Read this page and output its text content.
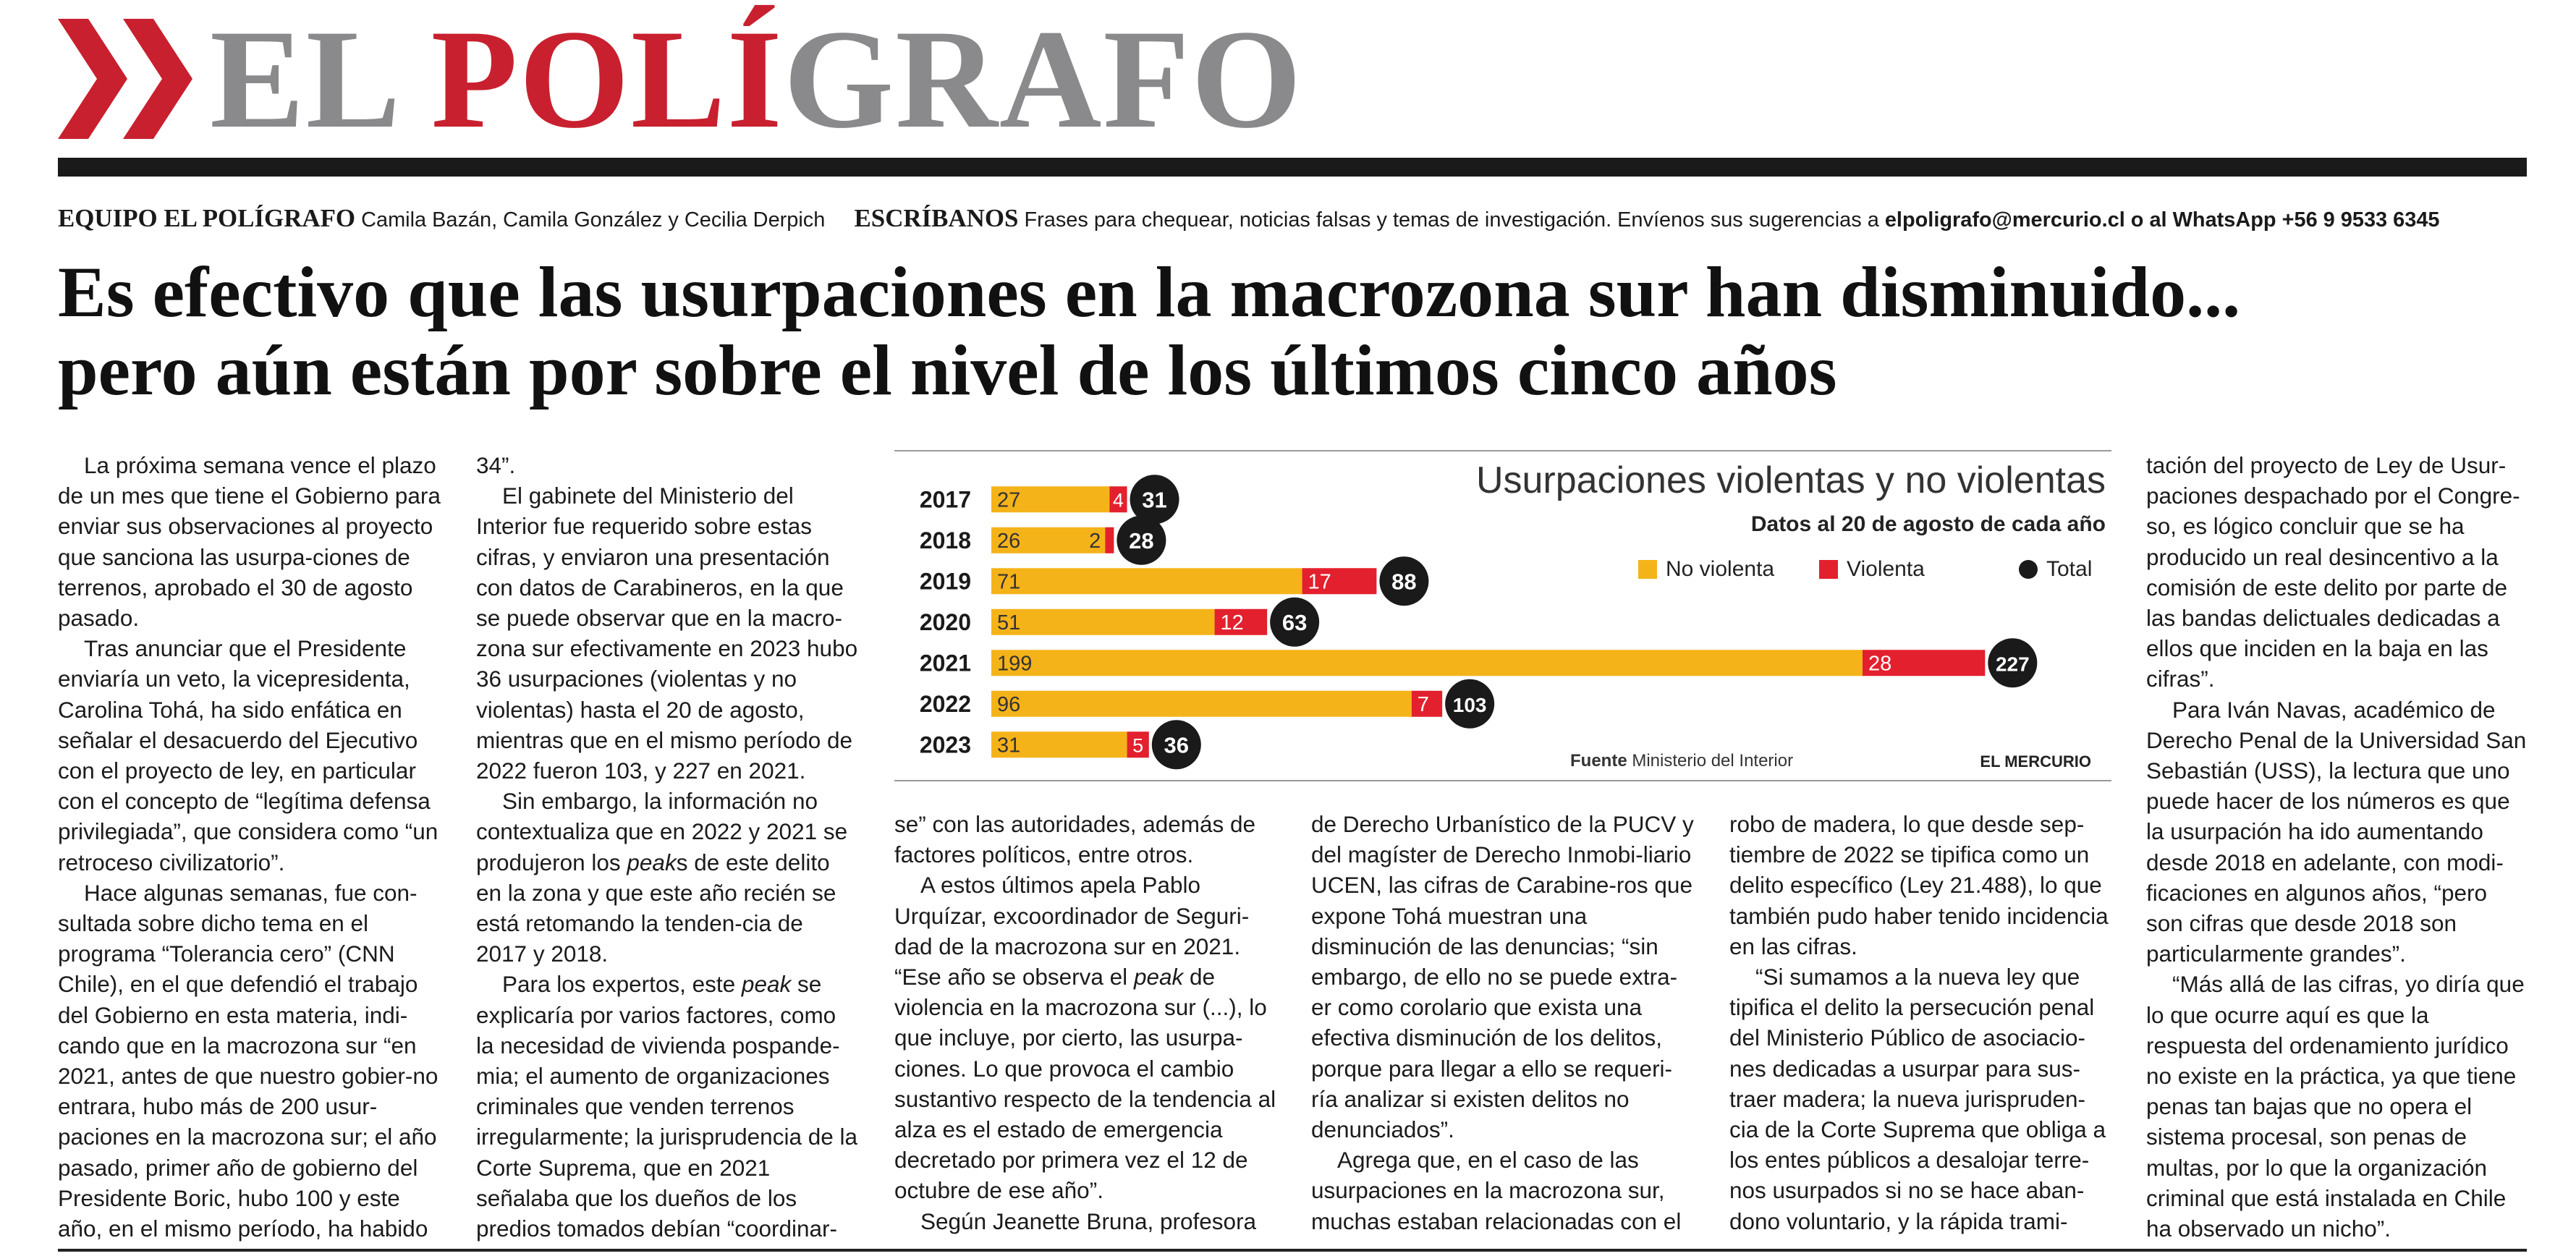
EL POLÍGRAFO
EQUIPO EL POLÍGRAFO Camila Bazán, Camila González y Cecilia Derpich ESCRÍBANOS Frases para chequear, noticias falsas y temas de investigación. Envíenos sus sugerencias a elpoligrafo@mercurio.cl o al WhatsApp +56 9 9533 6345
Es efectivo que las usurpaciones en la macrozona sur han disminuido...
pero aún están por sobre el nivel de los últimos cinco años

La próxima semana vence el plazo de un mes que tiene el Gobierno para enviar sus observaciones al proyecto que sanciona las usurpa-ciones de terrenos, aprobado el 30 de agosto pasado.

Tras anunciar que el Presidente enviaría un veto, la vicepresidenta, Carolina Tohá, ha sido enfática en señalar el desacuerdo del Ejecutivo con el proyecto de ley, en particular con el concepto de “legítima defensa privilegiada”, que considera como “un retroceso civilizatorio”.

Hace algunas semanas, fue con-sultada sobre dicho tema en el programa “Tolerancia cero” (CNN Chile), en el que defendió el trabajo del Gobierno en esta materia, indi-cando que en la macrozona sur “en 2021, antes de que nuestro gobier-no entrara, hubo más de 200 usur-paciones en la macrozona sur; el año pasado, primer año de gobierno del Presidente Boric, hubo 100 y este año, en el mismo período, ha habido

34”.

El gabinete del Ministerio del Interior fue requerido sobre estas cifras, y enviaron una presentación con datos de Carabineros, en la que se puede observar que en la macro-zona sur efectivamente en 2023 hubo 36 usurpaciones (violentas y no violentas) hasta el 20 de agosto, mientras que en el mismo período de 2022 fueron 103, y 227 en 2021.

Sin embargo, la información no contextualiza que en 2022 y 2021 se produjeron los peaks de este delito en la zona y que este año recién se está retomando la tenden-cia de 2017 y 2018.

Para los expertos, este peak se explicaría por varios factores, como la necesidad de vivienda pospande-mia; el aumento de organizaciones criminales que venden terrenos irregularmente; la jurisprudencia de la Corte Suprema, que en 2021 señalaba que los dueños de los predios tomados debían “coordinar-

2017 27	4 31
2018 26	2 28
2019 71	17	88
2020 51	12 63
2021 199	28	227
2022 96	7 103
2023 31	5 36
Usurpaciones violentas y no violentas
Datos al 20 de agosto de cada año
No violenta	Violenta	Total
Fuente Ministerio del Interior	EL MERCURIO

se” con las autoridades, además de factores políticos, entre otros.

A estos últimos apela Pablo Urquízar, excoordinador de Seguri-dad de la macrozona sur en 2021. “Ese año se observa el peak de violencia en la macrozona sur (...), lo que incluye, por cierto, las usurpa-ciones. Lo que provoca el cambio sustantivo respecto de la tendencia al alza es el estado de emergencia decretado por primera vez el 12 de octubre de ese año”.

Según Jeanette Bruna, profesora

de Derecho Urbanístico de la PUCV y del magíster de Derecho Inmobi-liario UCEN, las cifras de Carabine-ros que expone Tohá muestran una disminución de las denuncias; “sin embargo, de ello no se puede extra-er como corolario que exista una efectiva disminución de los delitos, porque para llegar a ello se requeri-ría analizar si existen delitos no denunciados”.

Agrega que, en el caso de las usurpaciones en la macrozona sur, muchas estaban relacionadas con el

robo de madera, lo que desde sep-tiembre de 2022 se tipifica como un delito específico (Ley 21.488), lo que también pudo haber tenido incidencia en las cifras.

“Si sumamos a la nueva ley que tipifica el delito la persecución penal del Ministerio Público de asociacio-nes dedicadas a usurpar para sus-traer madera; la nueva jurispruden-cia de la Corte Suprema que obliga a los entes públicos a desalojar terre-nos usurpados si no se hace aban-dono voluntario, y la rápida trami-

tación del proyecto de Ley de Usur-paciones despachado por el Congre-so, es lógico concluir que se ha producido un real desincentivo a la comisión de este delito por parte de las bandas delictuales dedicadas a ellos que inciden en la baja en las cifras”.

Para Iván Navas, académico de Derecho Penal de la Universidad San Sebastián (USS), la lectura que uno puede hacer de los números es que la usurpación ha ido aumentando desde 2018 en adelante, con modi-ficaciones en algunos años, “pero son cifras que desde 2018 son particularmente grandes”.

“Más allá de las cifras, yo diría que lo que ocurre aquí es que la respuesta del ordenamiento jurídico no existe en la práctica, ya que tiene penas tan bajas que no opera el sistema procesal, son penas de multas, por lo que la organización criminal que está instalada en Chile ha observado un nicho”.
